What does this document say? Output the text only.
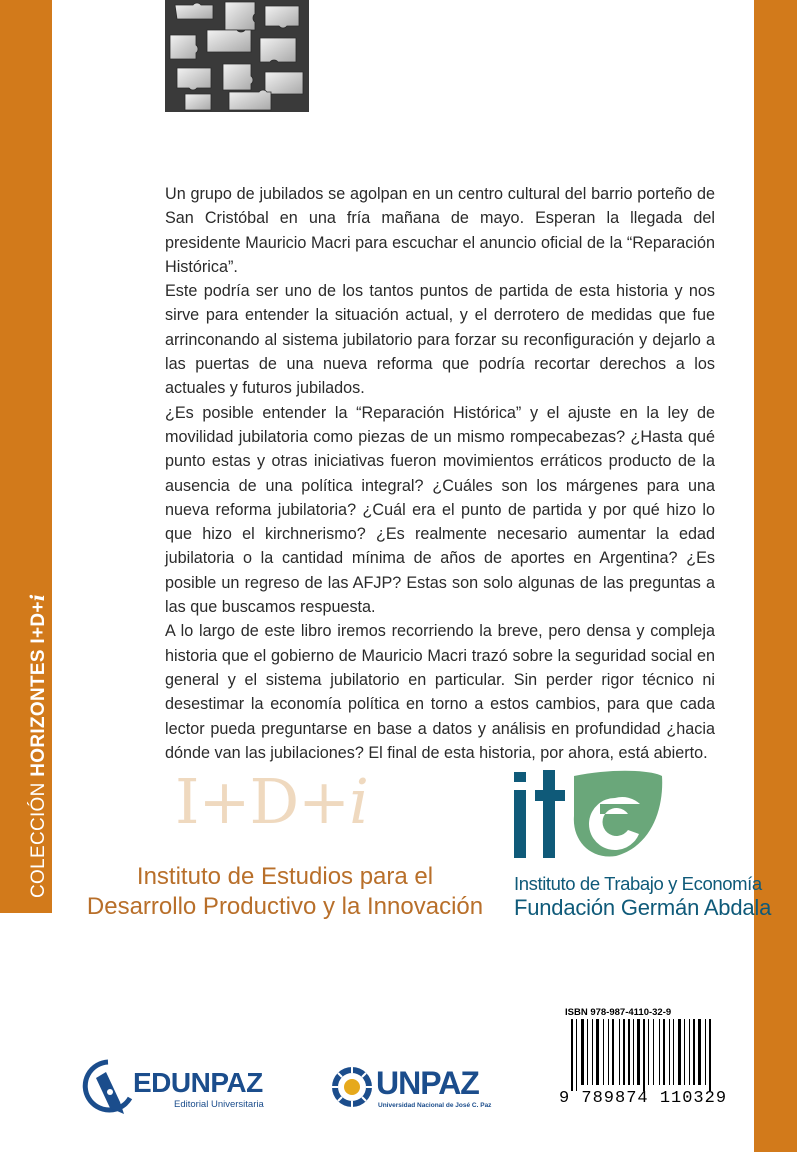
COLECCIÓN HORIZONTES I+D+i

Un grupo de jubilados se agolpan en un centro cultural del barrio porteño de San Cristóbal en una fría mañana de mayo. Esperan la llegada del presidente Mauricio Macri para escuchar el anuncio oficial de la “Reparación Histórica”.

Este podría ser uno de los tantos puntos de partida de esta historia y nos sirve para entender la situación actual, y el derrotero de medidas que fue arrinconando al sistema jubilatorio para forzar su reconfiguración y dejarlo a las puertas de una nueva reforma que podría recortar derechos a los actuales y futuros jubilados.

¿Es posible entender la “Reparación Histórica” y el ajuste en la ley de movilidad jubilatoria como piezas de un mismo rompecabezas? ¿Hasta qué punto estas y otras iniciativas fueron movimientos erráticos producto de la ausencia de una política integral? ¿Cuáles son los márgenes para una nueva reforma jubilatoria? ¿Cuál era el punto de partida y por qué hizo lo que hizo el kirchnerismo? ¿Es realmente necesario aumentar la edad jubilatoria o la cantidad mínima de años de aportes en Argentina? ¿Es posible un regreso de las AFJP? Estas son solo algunas de las preguntas a las que buscamos respuesta.

A lo largo de este libro iremos recorriendo la breve, pero densa y compleja historia que el gobierno de Mauricio Macri trazó sobre la seguridad social en general y el sistema jubilatorio en particular. Sin perder rigor técnico ni desestimar la economía política en torno a estos cambios, para que cada lector pueda preguntarse en base a datos y análisis en profundidad ¿hacia dónde van las jubilaciones? El final de esta historia, por ahora, está abierto.

I+D+i
Instituto de Estudios para el
Desarrollo Productivo y la Innovación
Instituto de Trabajo y Economía
Fundación Germán Abdala
EDUNPAZ
Editorial Universitaria
UNPAZ
Universidad Nacional de José C. Paz
ISBN 978-987-4110-32-9
9 789874 110329
